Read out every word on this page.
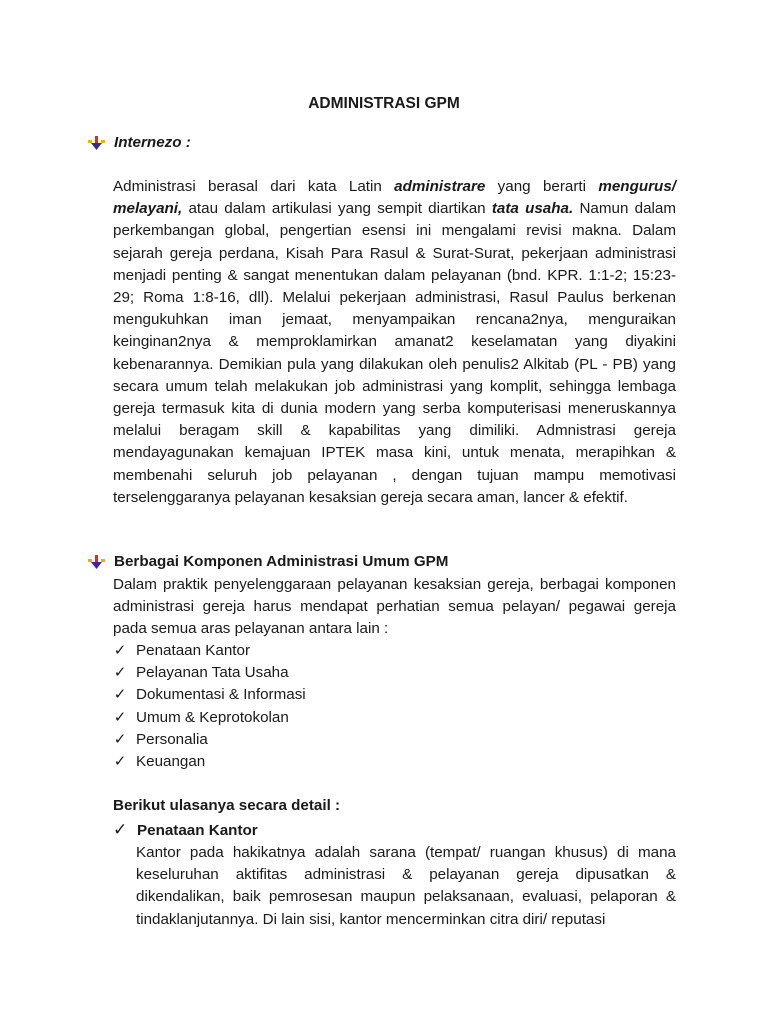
ADMINISTRASI GPM
Internezo :

Administrasi berasal dari kata Latin administrare yang berarti mengurus/ melayani, atau dalam artikulasi yang sempit diartikan tata usaha. Namun dalam perkembangan global, pengertian esensi ini mengalami revisi makna. Dalam sejarah gereja perdana, Kisah Para Rasul & Surat-Surat, pekerjaan administrasi menjadi penting & sangat menentukan dalam pelayanan (bnd. KPR. 1:1-2; 15:23-29; Roma 1:8-16, dll). Melalui pekerjaan administrasi, Rasul Paulus berkenan mengukuhkan iman jemaat, menyampaikan rencana2nya, menguraikan keinginan2nya & memproklamirkan amanat2 keselamatan yang diyakini kebenarannya. Demikian pula yang dilakukan oleh penulis2 Alkitab (PL - PB) yang secara umum telah melakukan job administrasi yang komplit, sehingga lembaga gereja termasuk kita di dunia modern yang serba komputerisasi meneruskannya melalui beragam skill & kapabilitas yang dimiliki. Admnistrasi gereja mendayagunakan kemajuan IPTEK masa kini, untuk menata, merapihkan & membenahi seluruh job pelayanan , dengan tujuan mampu memotivasi terselenggaranya pelayanan kesaksian gereja secara aman, lancer & efektif.

Berbagai Komponen Administrasi Umum GPM

Dalam praktik penyelenggaraan pelayanan kesaksian gereja, berbagai komponen administrasi gereja harus mendapat perhatian semua pelayan/ pegawai gereja pada semua aras pelayanan antara lain :

✓ Penataan Kantor
✓ Pelayanan Tata Usaha
✓ Dokumentasi & Informasi
✓ Umum & Keprotokolan
✓ Personalia
✓ Keuangan
Berikut ulasanya secara detail :
✓ Penataan Kantor

Kantor pada hakikatnya adalah sarana (tempat/ ruangan khusus) di mana keseluruhan aktifitas administrasi & pelayanan gereja dipusatkan & dikendalikan, baik pemrosesan maupun pelaksanaan, evaluasi, pelaporan & tindaklanjutannya. Di lain sisi, kantor mencerminkan citra diri/ reputasi
